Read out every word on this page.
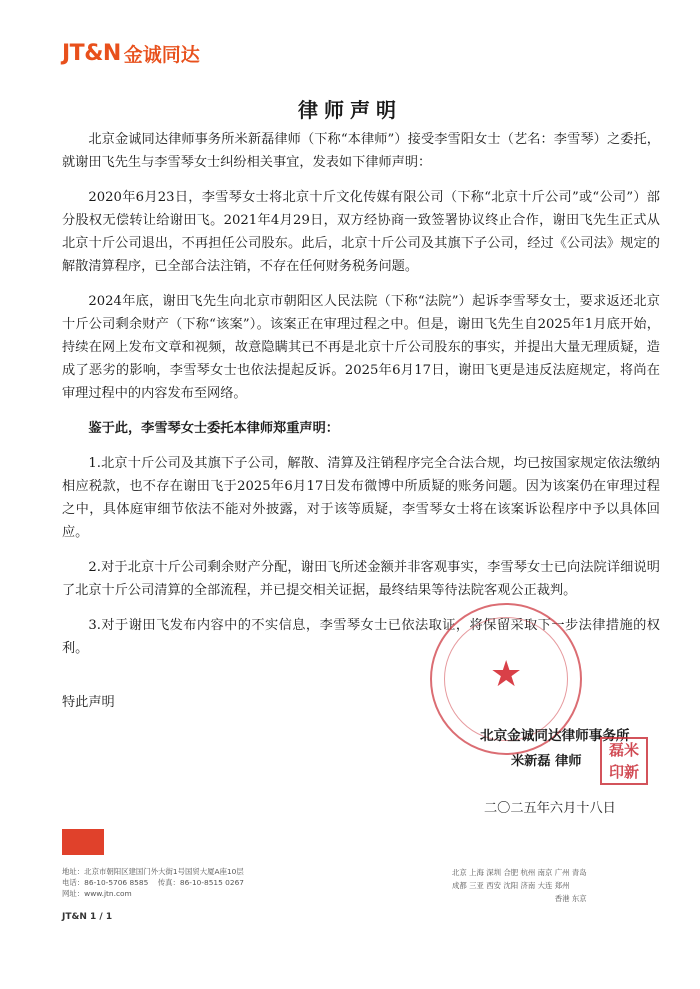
JT&N 金诚同达
律师声明

北京金诚同达律师事务所米新磊律师（下称“本律师”）接受李雪阳女士（艺名：李雪琴）之委托，就谢田飞先生与李雪琴女士纠纷相关事宜，发表如下律师声明：

2020年6月23日，李雪琴女士将北京十斤文化传媒有限公司（下称“北京十斤公司”或“公司”）部分股权无偿转让给谢田飞。2021年4月29日，双方经协商一致签署协议终止合作，谢田飞先生正式从北京十斤公司退出，不再担任公司股东。此后，北京十斤公司及其旗下子公司，经过《公司法》规定的解散清算程序，已全部合法注销，不存在任何财务税务问题。

2024年底，谢田飞先生向北京市朝阳区人民法院（下称“法院”）起诉李雪琴女士，要求返还北京十斤公司剩余财产（下称“该案”）。该案正在审理过程之中。但是，谢田飞先生自2025年1月底开始，持续在网上发布文章和视频，故意隐瞒其已不再是北京十斤公司股东的事实，并提出大量无理质疑，造成了恶劣的影响，李雪琴女士也依法提起反诉。2025年6月17日，谢田飞更是违反法庭规定，将尚在审理过程中的内容发布至网络。

鉴于此，李雪琴女士委托本律师郑重声明：

1.北京十斤公司及其旗下子公司，解散、清算及注销程序完全合法合规，均已按国家规定依法缴纳相应税款，也不存在谢田飞于2025年6月17日发布微博中所质疑的账务问题。因为该案仍在审理过程之中，具体庭审细节依法不能对外披露，对于该等质疑，李雪琴女士将在该案诉讼程序中予以具体回应。

2.对于北京十斤公司剩余财产分配，谢田飞所述金额并非客观事实，李雪琴女士已向法院详细说明了北京十斤公司清算的全部流程，并已提交相关证据，最终结果等待法院客观公正裁判。

3.对于谢田飞发布内容中的不实信息，李雪琴女士已依法取证，将保留采取下一步法律措施的权利。

特此声明
★
北京金诚同达律师事务所
米新磊 律师
磊米印新
二〇二五年六月十八日
地址：北京市朝阳区建国门外大街1号国贸大厦A座10层
电话：86-10-5706 8585 传真：86-10-8515 0267
网址：www.jtn.com
北京 上海 深圳 合肥 杭州 南京 广州 青岛
成都 三亚 西安 沈阳 济南 大连 郑州
香港 东京
JT&N 1 / 1
